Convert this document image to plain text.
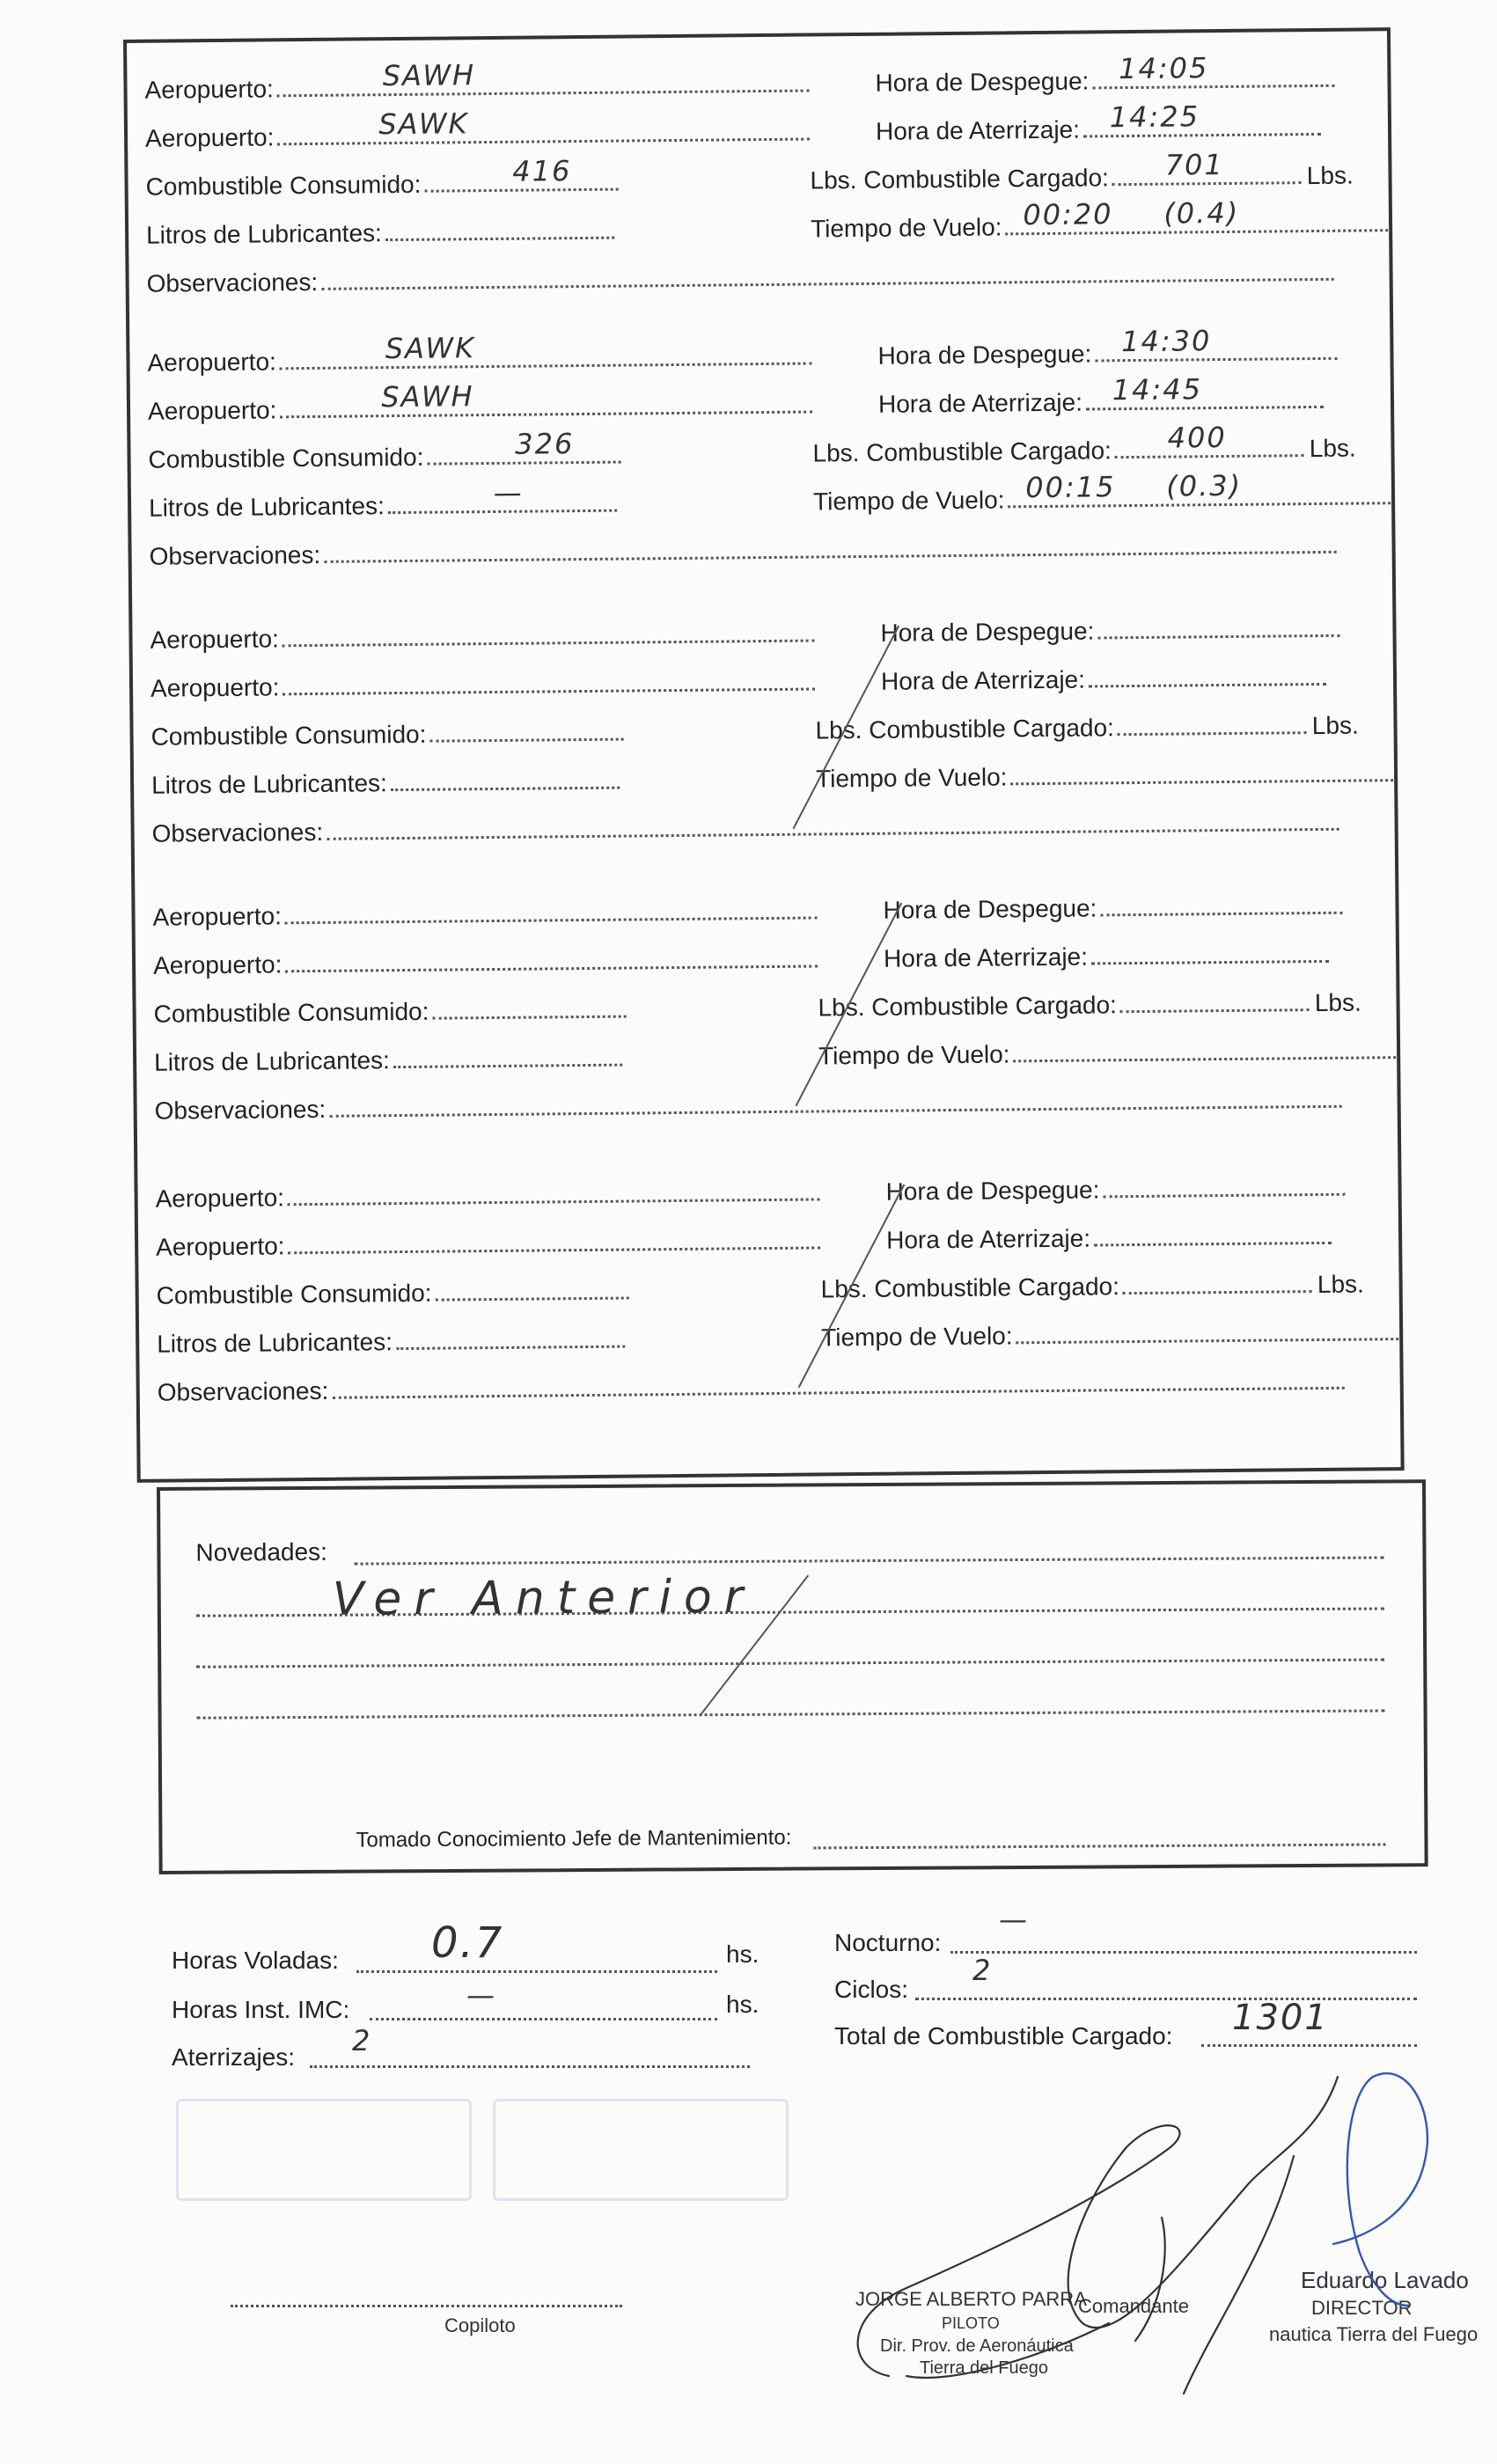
Aeropuerto:	SAWH
Aeropuerto:	SAWK
Combustible Consumido:	416
Litros de Lubricantes:
Observaciones:
Hora de Despegue: 14:05
Hora de Aterrizaje: 14:25
Lbs. Combustible Cargado: 701	Lbs.
Tiempo de Vuelo: 00:20 (0.4)
Aeropuerto:	SAWK
Aeropuerto:	SAWH
Combustible Consumido:	326
Litros de Lubricantes:	—
Observaciones:
Hora de Despegue: 14:30
Hora de Aterrizaje: 14:45
Lbs. Combustible Cargado: 400	Lbs.
Tiempo de Vuelo: 00:15 (0.3)
Aeropuerto:
Aeropuerto:
Combustible Consumido:
Litros de Lubricantes:
Observaciones:
Hora de Despegue:
Hora de Aterrizaje:
Lbs. Combustible Cargado:	Lbs.
Tiempo de Vuelo:
Aeropuerto:
Aeropuerto:
Combustible Consumido:
Litros de Lubricantes:
Observaciones:
Hora de Despegue:
Hora de Aterrizaje:
Lbs. Combustible Cargado:	Lbs.
Tiempo de Vuelo:
Aeropuerto:
Aeropuerto:
Combustible Consumido:
Litros de Lubricantes:
Observaciones:
Hora de Despegue:
Hora de Aterrizaje:
Lbs. Combustible Cargado:	Lbs.
Tiempo de Vuelo:
Novedades:
Ver Anterior
Tomado Conocimiento Jefe de Mantenimiento:
Horas Voladas: 0.7	hs.
Horas Inst. IMC:	—	hs.
Aterrizajes: 2
Nocturno:
—
Ciclos:
2
Total de Combustible Cargado: 1301
Copiloto
JORGE ALBERTO PARRA
Comandante
PILOTO
Dir. Prov. de Aeronáutica
Tierra del Fuego
Eduardo Lavado
DIRECTOR
nautica Tierra del Fuego
